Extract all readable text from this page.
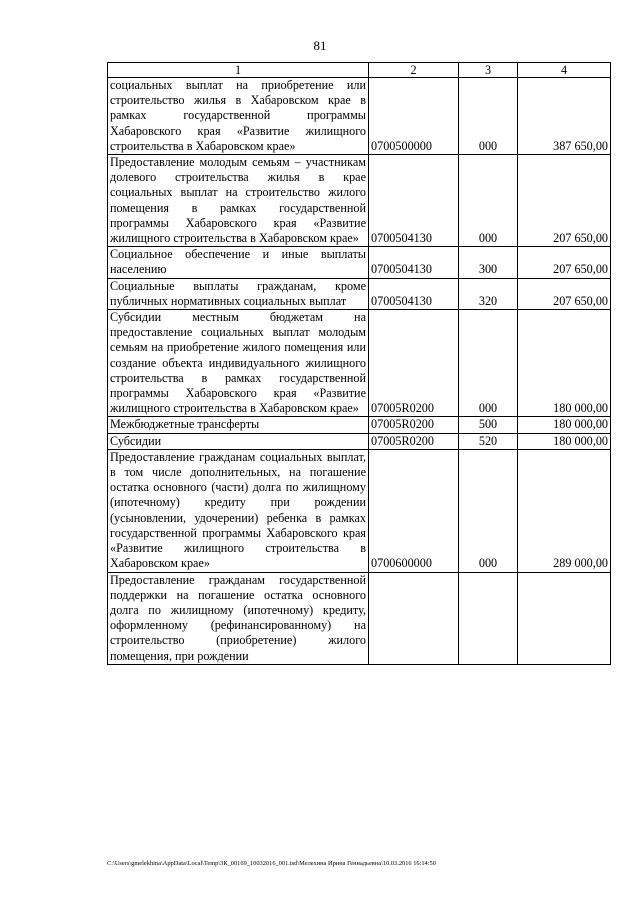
81
1	2	3	4
социальных выплат на приобретение или строительство жилья в Хабаровском крае в рамках государственной программы Хабаровского края «Развитие жилищного строительства в Хабаровском крае»	0700500000	000	387 650,00
Предоставление молодым семьям – участникам долевого строительства жилья в крае социальных выплат на строительство жилого помещения в рамках государственной программы Хабаровского края «Развитие жилищного строительства в Хабаровском крае»	0700504130	000	207 650,00
Социальное обеспечение и иные выплаты населению	0700504130	300	207 650,00
Социальные выплаты гражданам, кроме публичных нормативных социальных выплат	0700504130	320	207 650,00
Субсидии местным бюджетам на предоставление социальных выплат молодым семьям на приобретение жилого помещения или создание объекта индивидуального жилищного строительства в рамках государственной программы Хабаровского края «Развитие жилищного строительства в Хабаровском крае»	07005R0200	000	180 000,00
Межбюджетные трансферты	07005R0200	500	180 000,00
Субсидии	07005R0200	520	180 000,00
Предоставление гражданам социальных выплат, в том числе дополнительных, на погашение остатка основного (части) долга по жилищному (ипотечному) кредиту при рождении (усыновлении, удочерении) ребенка в рамках государственной программы Хабаровского края «Развитие жилищного строительства в Хабаровском крае»	0700600000	000	289 000,00
Предоставление гражданам государственной поддержки на погашение остатка основного долга по жилищному (ипотечному) кредиту, оформленному (рефинансированному) на строительство (приобретение) жилого помещения, при рождении			
C:\Users\gmelekhina\AppData\Local\Temp\ЗК_00169_10032016_001.tsd\Мелехина Ирина Геннадьевна\10.03.2016 16:14:50
